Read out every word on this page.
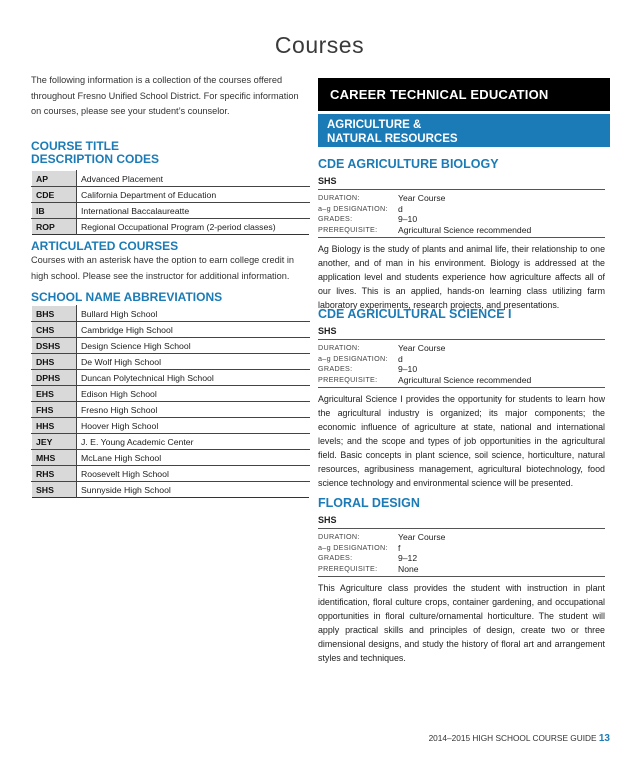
Courses
The following information is a collection of the courses offered throughout Fresno Unified School District. For specific information on courses, please see your student’s counselor.
COURSE TITLE
DESCRIPTION CODES
AP	Advanced Placement
CDE	California Department of Education
IB	International Baccalaureatte
ROP	Regional Occupational Program (2-period classes)
ARTICULATED COURSES
Courses with an asterisk have the option to earn college credit in high school. Please see the instructor for additional information.
SCHOOL NAME ABBREVIATIONS
BHS	Bullard High School
CHS	Cambridge High School
DSHS	Design Science High School
DHS	De Wolf High School
DPHS	Duncan Polytechnical High School
EHS	Edison High School
FHS	Fresno High School
HHS	Hoover High School
JEY	J. E. Young Academic Center
MHS	McLane High School
RHS	Roosevelt High School
SHS	Sunnyside High School
CAREER TECHNICAL EDUCATION
AGRICULTURE &
NATURAL RESOURCES
CDE AGRICULTURE BIOLOGY
SHS
DURATION:	Year Course
a–g DESIGNATION:	d
GRADES:	9–10
PREREQUISITE:	Agricultural Science recommended
Ag Biology is the study of plants and animal life, their relationship to one another, and of man in his environment. Biology is addressed at the application level and students experience how agriculture affects all of our lives. This is an applied, hands-on learning class utilizing farm laboratory experiments, research projects, and presentations.
CDE AGRICULTURAL SCIENCE I
SHS
DURATION:	Year Course
a–g DESIGNATION:	d
GRADES:	9–10
PREREQUISITE:	Agricultural Science recommended
Agricultural Science I provides the opportunity for students to learn how the agricultural industry is organized; its major components; the economic influence of agriculture at state, national and international levels; and the scope and types of job opportunities in the agricultural field. Basic concepts in plant science, soil science, horticulture, natural resources, agribusiness management, agricultural biotechnology, food science technology and environmental science will be presented.
FLORAL DESIGN
SHS
DURATION:	Year Course
a–g DESIGNATION:	f
GRADES:	9–12
PREREQUISITE:	None
This Agriculture class provides the student with instruction in plant identification, floral culture crops, container gardening, and occupational opportunities in floral culture/ornamental horticulture. The student will apply practical skills and principles of design, create two or three dimensional designs, and study the history of floral art and arrangement styles and techniques.
2014–2015 HIGH SCHOOL COURSE GUIDE 13
